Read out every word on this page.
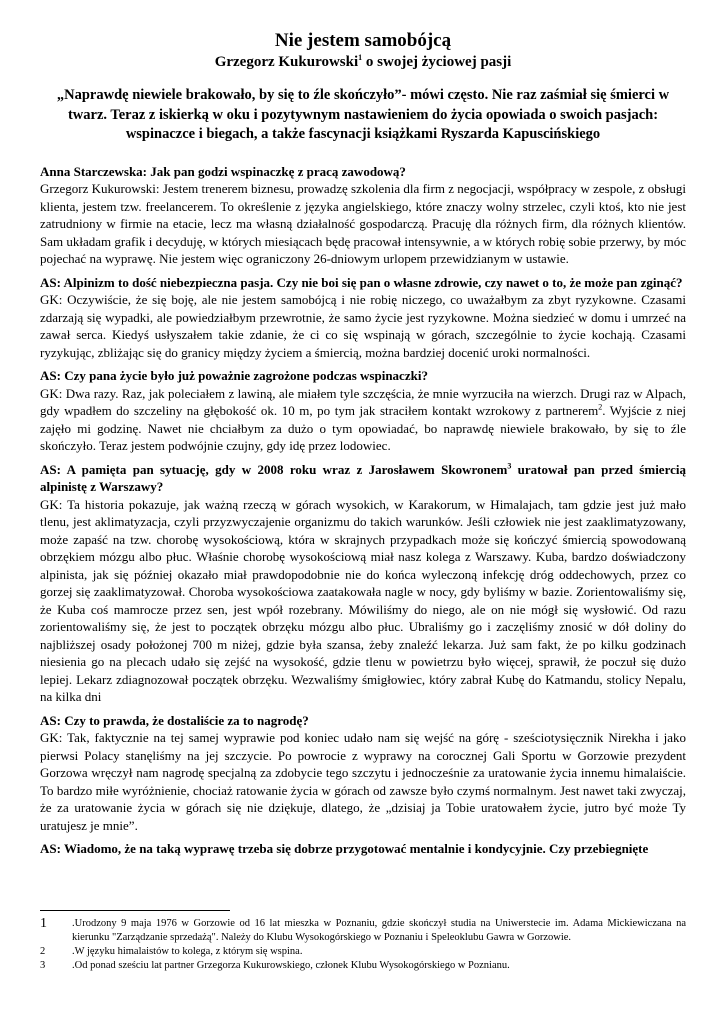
Nie jestem samobójcą

Grzegorz Kukurowski$^1$ o swojej życiowej pasji

„Naprawdę niewiele brakowało, by się to źle skończyło”- mówi często. Nie raz zaśmiał się śmierci w twarz. Teraz z iskierką w oku i pozytywnym nastawieniem do życia opowiada o swoich pasjach: wspinaczce i biegach, a także fascynacji książkami Ryszarda Kapuscińskiego

Anna Starczewska: Jak pan godzi wspinaczkę z pracą zawodową?

Grzegorz Kukurowski: Jestem trenerem biznesu, prowadzę szkolenia dla firm z negocjacji, współpracy w zespole, z obsługi klienta, jestem tzw. freelancerem. To określenie z języka angielskiego, które znaczy wolny strzelec, czyli ktoś, kto nie jest zatrudniony w firmie na etacie, lecz ma własną działalność gospodarczą. Pracuję dla różnych firm, dla różnych klientów. Sam układam grafik i decyduję, w których miesiącach będę pracował intensywnie, a w których robię sobie przerwy, by móc pojechać na wyprawę. Nie jestem więc ograniczony 26-dniowym urlopem przewidzianym w ustawie.

AS: Alpinizm to dość niebezpieczna pasja. Czy nie boi się pan o własne zdrowie, czy nawet o to, że może pan zginąć?

GK: Oczywiście, że się boję, ale nie jestem samobójcą i nie robię niczego, co uważałbym za zbyt ryzykowne. Czasami zdarzają się wypadki, ale powiedziałbym przewrotnie, że samo życie jest ryzykowne. Można siedzieć w domu i umrzeć na zawał serca. Kiedyś usłyszałem takie zdanie, że ci co się wspinają w górach, szczególnie to życie kochają. Czasami ryzykując, zbliżając się do granicy między życiem a śmiercią, można bardziej docenić uroki normalności.

AS: Czy pana życie było już poważnie zagrożone podczas wspinaczki?

GK: Dwa razy. Raz, jak poleciałem z lawiną, ale miałem tyle szczęścia, że mnie wyrzuciła na wierzch. Drugi raz w Alpach, gdy wpadłem do szczeliny na głębokość ok. 10 m, po tym jak straciłem kontakt wzrokowy z partnerem$^2$. Wyjście z niej zajęło mi godzinę. Nawet nie chciałbym za dużo o tym opowiadać, bo naprawdę niewiele brakowało, by się to źle skończyło. Teraz jestem podwójnie czujny, gdy idę przez lodowiec.

AS: A pamięta pan sytuację, gdy w 2008 roku wraz z Jarosławem Skowronem$^3$ uratował pan przed śmiercią alpinistę z Warszawy?

GK: Ta historia pokazuje, jak ważną rzeczą w górach wysokich, w Karakorum, w Himalajach, tam gdzie jest już mało tlenu, jest aklimatyzacja, czyli przyzwyczajenie organizmu do takich warunków. Jeśli człowiek nie jest zaaklimatyzowany, może zapaść na tzw. chorobę wysokościową, która w skrajnych przypadkach może się kończyć śmiercią spowodowaną obrzękiem mózgu albo płuc. Właśnie chorobę wysokościową miał nasz kolega z Warszawy. Kuba, bardzo doświadczony alpinista, jak się później okazało miał prawdopodobnie nie do końca wyleczoną infekcję dróg oddechowych, przez co gorzej się zaaklimatyzował. Choroba wysokościowa zaatakowała nagle w nocy, gdy byliśmy w bazie. Zorientowaliśmy się, że Kuba coś mamrocze przez sen, jest wpół rozebrany. Mówiliśmy do niego, ale on nie mógł się wysłowić. Od razu zorientowaliśmy się, że jest to początek obrzęku mózgu albo płuc. Ubraliśmy go i zaczęliśmy znosić w dół doliny do najbliższej osady położonej 700 m niżej, gdzie była szansa, żeby znaleźć lekarza. Już sam fakt, że po kilku godzinach niesienia go na plecach udało się zejść na wysokość, gdzie tlenu w powietrzu było więcej, sprawił, że poczuł się dużo lepiej. Lekarz zdiagnozował początek obrzęku. Wezwaliśmy śmigłowiec, który zabrał Kubę do Katmandu, stolicy Nepalu, na kilka dni

AS: Czy to prawda, że dostaliście za to nagrodę?

GK: Tak, faktycznie na tej samej wyprawie pod koniec udało nam się wejść na górę - sześciotysięcznik Nirekha i jako pierwsi Polacy stanęliśmy na jej szczycie. Po powrocie z wyprawy na corocznej Gali Sportu w Gorzowie prezydent Gorzowa wręczył nam nagrodę specjalną za zdobycie tego szczytu i jednocześnie za uratowanie życia innemu himalaiście. To bardzo miłe wyróżnienie, chociaż ratowanie życia w górach od zawsze było czymś normalnym. Jest nawet taki zwyczaj, że za uratowanie życia w górach się nie dziękuje, dlatego, że „dzisiaj ja Tobie uratowałem życie, jutro być może Ty uratujesz je mnie”.

AS: Wiadomo, że na taką wyprawę trzeba się dobrze przygotować mentalnie i kondycyjnie. Czy przebiegnięte

1	.Urodzony 9 maja 1976 w Gorzowie od 16 lat mieszka w Poznaniu, gdzie skończył studia na Uniwerstecie im. Adama Mickiewiczana na kierunku "Zarządzanie sprzedażą". Należy do Klubu Wysokogórskiego w Poznaniu i Speleoklubu Gawra w Gorzowie.
2	.W języku himalaistów to kolega, z którym się wspina.
3	.Od ponad sześciu lat partner Grzegorza Kukurowskiego, członek Klubu Wysokogórskiego w Poznianu.
